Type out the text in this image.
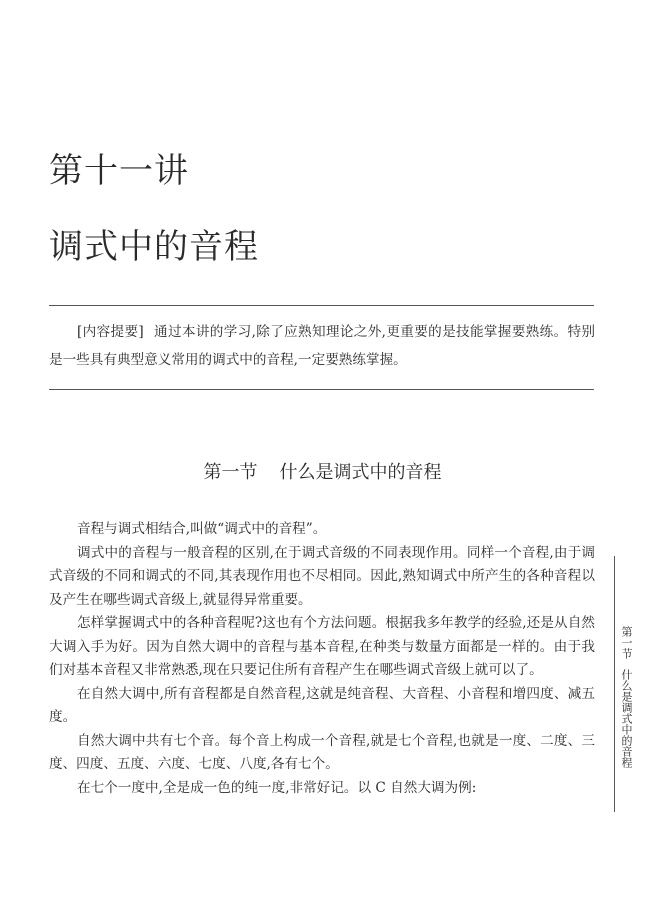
第十一讲
调式中的音程

[内容提要] 通过本讲的学习,除了应熟知理论之外,更重要的是技能掌握要熟练。特别是一些具有典型意义常用的调式中的音程,一定要熟练掌握。

第一节 什么是调式中的音程

音程与调式相结合,叫做“调式中的音程”。

调式中的音程与一般音程的区别,在于调式音级的不同表现作用。同样一个音程,由于调式音级的不同和调式的不同,其表现作用也不尽相同。因此,熟知调式中所产生的各种音程以及产生在哪些调式音级上,就显得异常重要。

怎样掌握调式中的各种音程呢?这也有个方法问题。根据我多年教学的经验,还是从自然大调入手为好。因为自然大调中的音程与基本音程,在种类与数量方面都是一样的。由于我们对基本音程又非常熟悉,现在只要记住所有音程产生在哪些调式音级上就可以了。

在自然大调中,所有音程都是自然音程,这就是纯音程、大音程、小音程和增四度、减五度。

自然大调中共有七个音。每个音上构成一个音程,就是七个音程,也就是一度、二度、三度、四度、五度、六度、七度、八度,各有七个。

在七个一度中,全是成一色的纯一度,非常好记。以 C 自然大调为例:

第一节什么是调式中的音程
